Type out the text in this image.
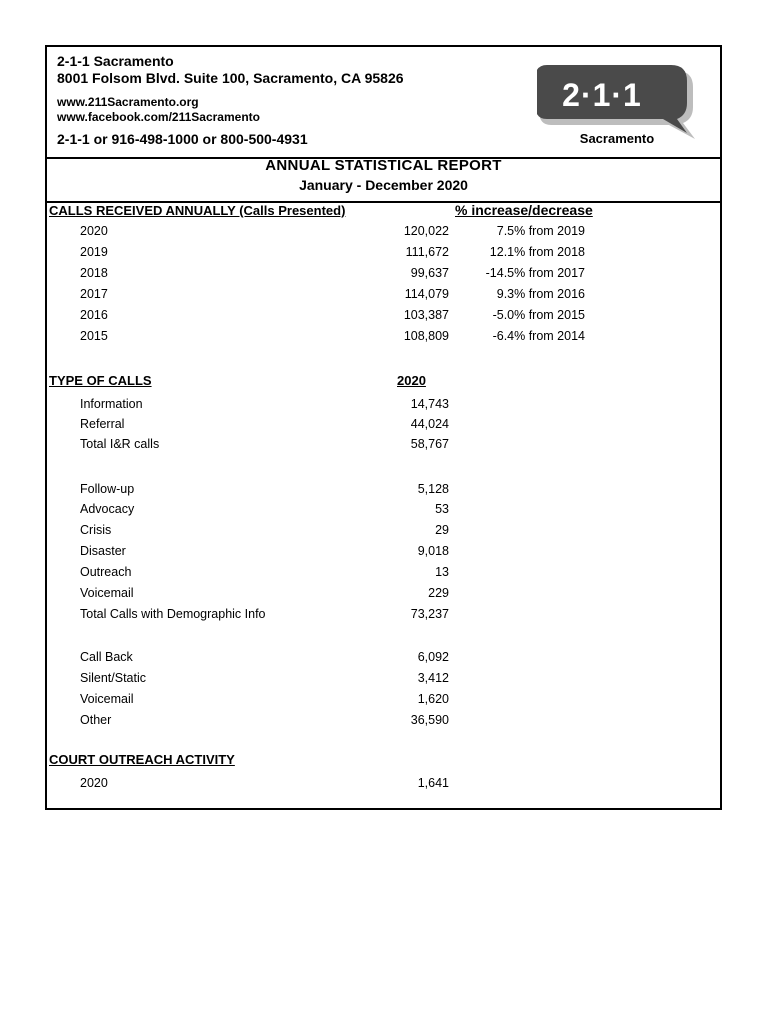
2-1-1 Sacramento
8001 Folsom Blvd. Suite 100, Sacramento, CA 95826
www.211Sacramento.org
www.facebook.com/211Sacramento
2-1-1 or 916-498-1000 or 800-500-4931
2·1·1
Sacramento
ANNUAL STATISTICAL REPORT
January - December 2020
CALLS RECEIVED ANNUALLY (Calls Presented)	% increase/decrease
2020	120,022	7.5% from 2019
2019	111,672	12.1% from 2018
2018	99,637	-14.5% from 2017
2017	114,079	9.3% from 2016
2016	103,387	-5.0% from 2015
2015	108,809	-6.4% from 2014
TYPE OF CALLS	2020
Information	14,743
Referral	44,024
Total I&R calls	58,767
Follow-up	5,128
Advocacy	53
Crisis	29
Disaster	9,018
Outreach	13
Voicemail	229
Total Calls with Demographic Info	73,237
Call Back	6,092
Silent/Static	3,412
Voicemail	1,620
Other	36,590
COURT OUTREACH ACTIVITY
2020	1,641
